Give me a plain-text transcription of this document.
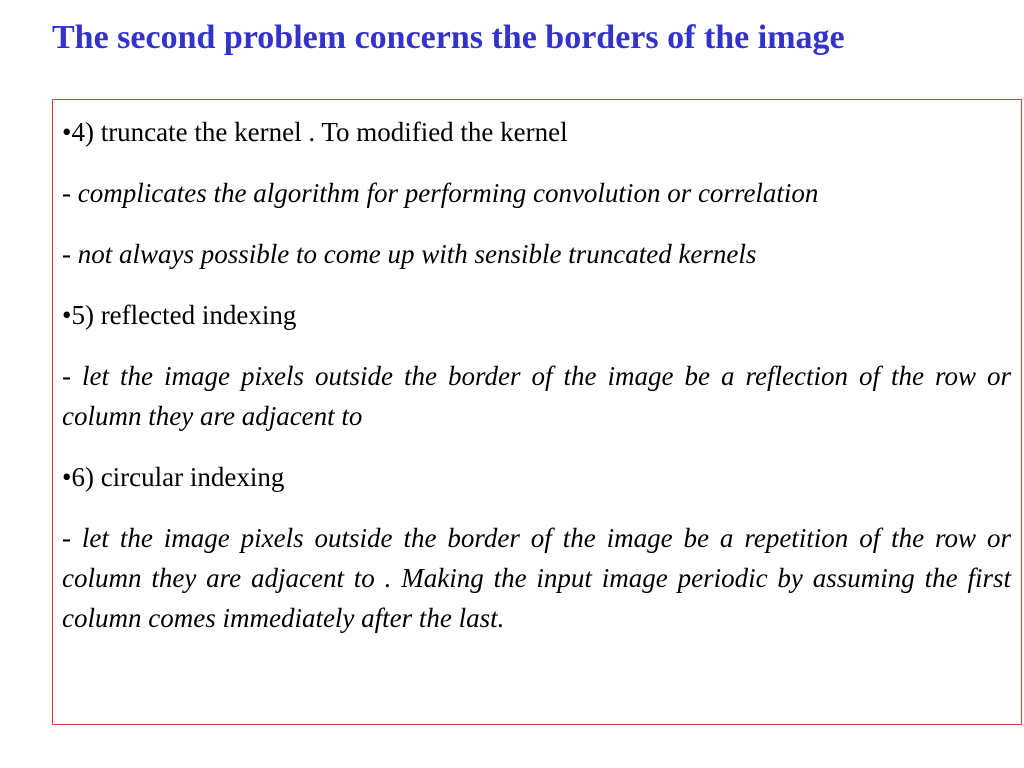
The second problem concerns the borders of the image

•4) truncate the kernel . To modified the kernel

- complicates the algorithm for performing convolution or correlation

- not always possible to come up with sensible truncated kernels

•5) reflected indexing

- let the image pixels outside the border of the image be a reflection of the row or column they are adjacent to

•6) circular indexing

- let the image pixels outside the border of the image be a repetition of the row or column they are adjacent to . Making the input image periodic by assuming the first column comes immediately after the last.
